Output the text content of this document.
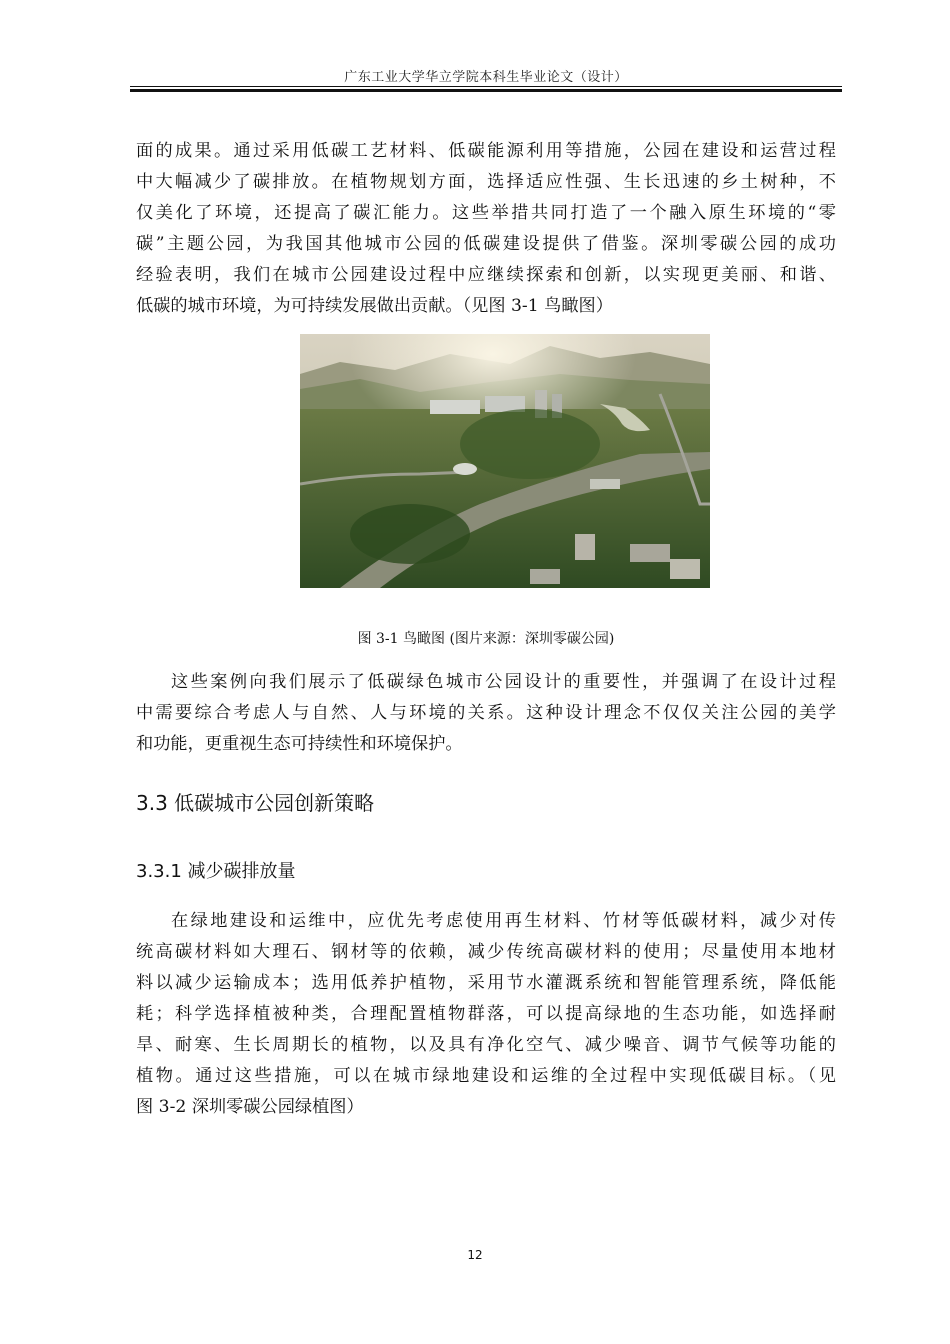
广东工业大学华立学院本科生毕业论文（设计）
面的成果。通过采用低碳工艺材料、低碳能源利用等措施，公园在建设和运营过程
中大幅减少了碳排放。在植物规划方面，选择适应性强、生长迅速的乡土树种，不
仅美化了环境，还提高了碳汇能力。这些举措共同打造了一个融入原生环境的“零
碳”主题公园，为我国其他城市公园的低碳建设提供了借鉴。深圳零碳公园的成功
经验表明，我们在城市公园建设过程中应继续探索和创新，以实现更美丽、和谐、
低碳的城市环境，为可持续发展做出贡献。（见图 3-1 鸟瞰图）
图 3-1 鸟瞰图 (图片来源：深圳零碳公园)
这些案例向我们展示了低碳绿色城市公园设计的重要性，并强调了在设计过程
中需要综合考虑人与自然、人与环境的关系。这种设计理念不仅仅关注公园的美学
和功能，更重视生态可持续性和环境保护。
3.3 低碳城市公园创新策略
3.3.1 减少碳排放量
在绿地建设和运维中，应优先考虑使用再生材料、竹材等低碳材料，减少对传
统高碳材料如大理石、钢材等的依赖，减少传统高碳材料的使用；尽量使用本地材
料以减少运输成本；选用低养护植物，采用节水灌溉系统和智能管理系统，降低能
耗；科学选择植被种类，合理配置植物群落，可以提高绿地的生态功能，如选择耐
旱、耐寒、生长周期长的植物，以及具有净化空气、减少噪音、调节气候等功能的
植物。通过这些措施，可以在城市绿地建设和运维的全过程中实现低碳目标。（见
图 3-2 深圳零碳公园绿植图）
12
